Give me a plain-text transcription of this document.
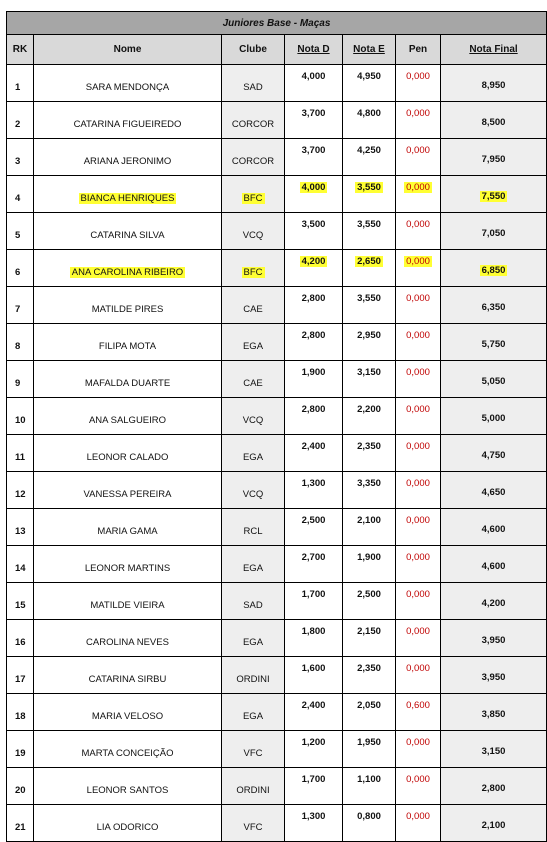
Juniores Base - Maças						
RK	Nome	Clube	Nota D	Nota E	Pen	Nota Final
1	SARA MENDONÇA	SAD	4,000	4,950	0,000	8,950
2	CATARINA FIGUEIREDO	CORCOR	3,700	4,800	0,000	8,500
3	ARIANA JERONIMO	CORCOR	3,700	4,250	0,000	7,950
4	BIANCA HENRIQUES	BFC	4,000	3,550	0,000	7,550
5	CATARINA SILVA	VCQ	3,500	3,550	0,000	7,050
6	ANA CAROLINA RIBEIRO	BFC	4,200	2,650	0,000	6,850
7	MATILDE PIRES	CAE	2,800	3,550	0,000	6,350
8	FILIPA MOTA	EGA	2,800	2,950	0,000	5,750
9	MAFALDA DUARTE	CAE	1,900	3,150	0,000	5,050
10	ANA SALGUEIRO	VCQ	2,800	2,200	0,000	5,000
11	LEONOR CALADO	EGA	2,400	2,350	0,000	4,750
12	VANESSA PEREIRA	VCQ	1,300	3,350	0,000	4,650
13	MARIA GAMA	RCL	2,500	2,100	0,000	4,600
14	LEONOR MARTINS	EGA	2,700	1,900	0,000	4,600
15	MATILDE VIEIRA	SAD	1,700	2,500	0,000	4,200
16	CAROLINA NEVES	EGA	1,800	2,150	0,000	3,950
17	CATARINA SIRBU	ORDINI	1,600	2,350	0,000	3,950
18	MARIA VELOSO	EGA	2,400	2,050	0,600	3,850
19	MARTA CONCEIÇÃO	VFC	1,200	1,950	0,000	3,150
20	LEONOR SANTOS	ORDINI	1,700	1,100	0,000	2,800
21	LIA ODORICO	VFC	1,300	0,800	0,000	2,100
